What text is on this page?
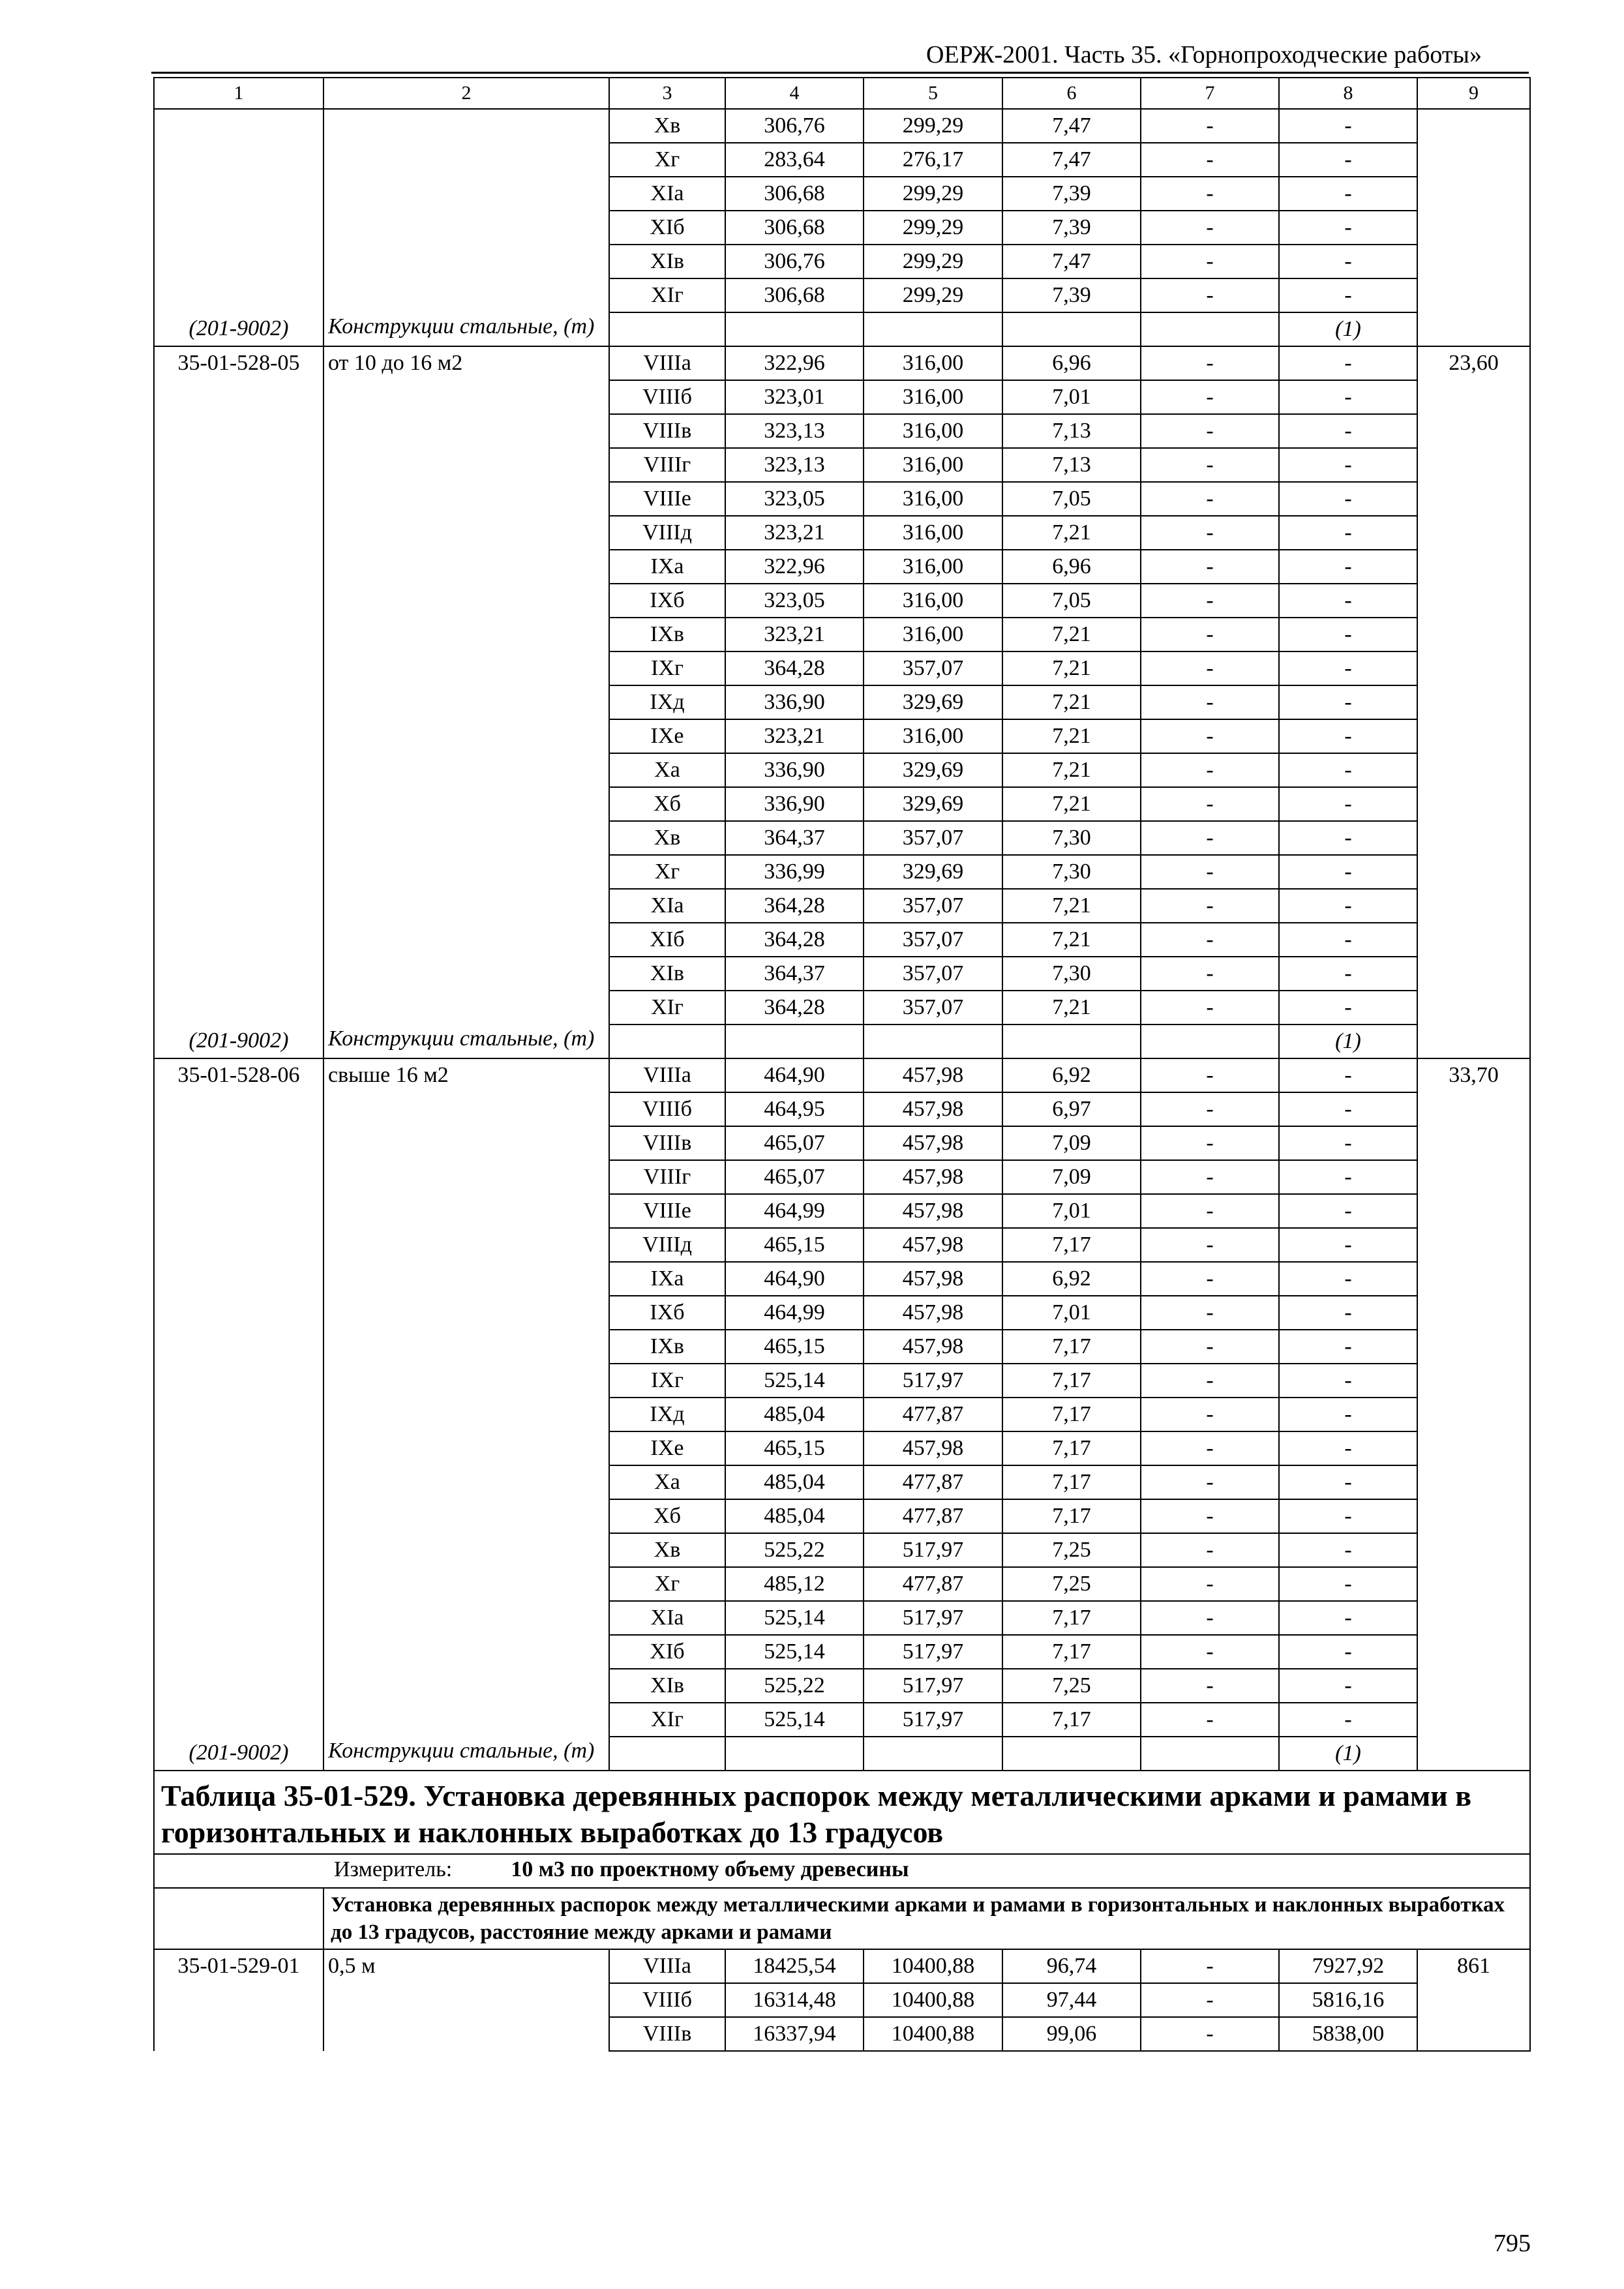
ОЕРЖ-2001. Часть 35. «Горнопроходческие работы»
1	2	3	4	5	6	7	8	9
		Хв	306,76	299,29	7,47	-	-	
		Хг	283,64	276,17	7,47	-	-	
		ХIа	306,68	299,29	7,39	-	-	
		ХIб	306,68	299,29	7,39	-	-	
		ХIв	306,76	299,29	7,47	-	-	
		ХIг	306,68	299,29	7,39	-	-	
(201-9002)	Конструкции стальные, (т)						(1)	
35-01-528-05	от 10 до 16 м2	VIIIа	322,96	316,00	6,96	-	-	23,60
		VIIIб	323,01	316,00	7,01	-	-	
		VIIIв	323,13	316,00	7,13	-	-	
		VIIIг	323,13	316,00	7,13	-	-	
		VIIIе	323,05	316,00	7,05	-	-	
		VIIIд	323,21	316,00	7,21	-	-	
		IХа	322,96	316,00	6,96	-	-	
		IХб	323,05	316,00	7,05	-	-	
		IХв	323,21	316,00	7,21	-	-	
		IХг	364,28	357,07	7,21	-	-	
		IХд	336,90	329,69	7,21	-	-	
		IХе	323,21	316,00	7,21	-	-	
		Ха	336,90	329,69	7,21	-	-	
		Хб	336,90	329,69	7,21	-	-	
		Хв	364,37	357,07	7,30	-	-	
		Хг	336,99	329,69	7,30	-	-	
		ХIа	364,28	357,07	7,21	-	-	
		ХIб	364,28	357,07	7,21	-	-	
		ХIв	364,37	357,07	7,30	-	-	
		ХIг	364,28	357,07	7,21	-	-	
(201-9002)	Конструкции стальные, (т)						(1)	
35-01-528-06	свыше 16 м2	VIIIа	464,90	457,98	6,92	-	-	33,70
		VIIIб	464,95	457,98	6,97	-	-	
		VIIIв	465,07	457,98	7,09	-	-	
		VIIIг	465,07	457,98	7,09	-	-	
		VIIIе	464,99	457,98	7,01	-	-	
		VIIIд	465,15	457,98	7,17	-	-	
		IХа	464,90	457,98	6,92	-	-	
		IХб	464,99	457,98	7,01	-	-	
		IХв	465,15	457,98	7,17	-	-	
		IХг	525,14	517,97	7,17	-	-	
		IХд	485,04	477,87	7,17	-	-	
		IХе	465,15	457,98	7,17	-	-	
		Ха	485,04	477,87	7,17	-	-	
		Хб	485,04	477,87	7,17	-	-	
		Хв	525,22	517,97	7,25	-	-	
		Хг	485,12	477,87	7,25	-	-	
		ХIа	525,14	517,97	7,17	-	-	
		ХIб	525,14	517,97	7,17	-	-	
		ХIв	525,22	517,97	7,25	-	-	
		ХIг	525,14	517,97	7,17	-	-	
(201-9002)	Конструкции стальные, (т)						(1)	
Таблица 35-01-529. Установка деревянных распорок между металлическими арками и рамами в горизонтальных и наклонных выработках до 13 градусов								
Измеритель: 10 м3 по проектному объему древесины								
	Установка деревянных распорок между металлическими арками и рамами в горизонтальных и наклонных выработках до 13 градусов, расстояние между арками и рамами							
35-01-529-01	0,5 м	VIIIа	18425,54	10400,88	96,74	-	7927,92	861
		VIIIб	16314,48	10400,88	97,44	-	5816,16	
		VIIIв	16337,94	10400,88	99,06	-	5838,00	
795
